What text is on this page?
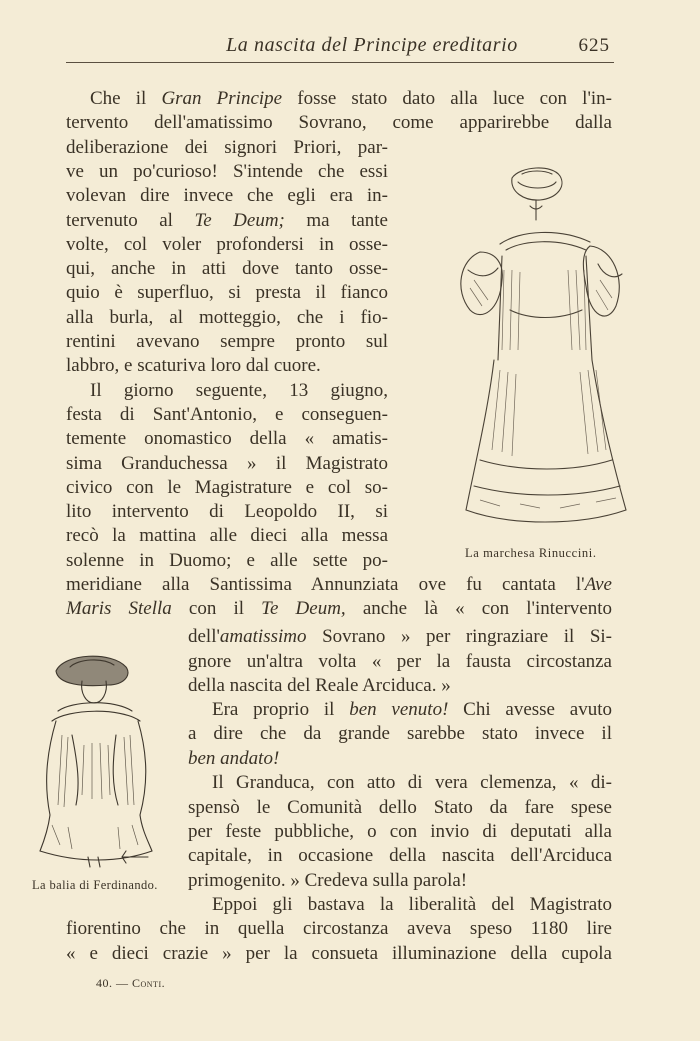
La nascita del Principe ereditario	625
Che il Gran Principe fosse stato dato alla luce con l'in-
tervento dell'amatissimo Sovrano, come apparirebbe dalla
deliberazione dei signori Priori, par-
ve un po'curioso! S'intende che essi
volevan dire invece che egli era in-
tervenuto al Te Deum; ma tante
volte, col voler profondersi in osse-
qui, anche in atti dove tanto osse-
quio è superfluo, si presta il fianco
alla burla, al motteggio, che i fio-
rentini avevano sempre pronto sul
labbro, e scaturiva loro dal cuore.
Il giorno seguente, 13 giugno,
festa di Sant'Antonio, e conseguen-
temente onomastico della « amatis-
sima Granduchessa » il Magistrato
civico con le Magistrature e col so-
lito intervento di Leopoldo II, si
recò la mattina alle dieci alla messa
solenne in Duomo; e alle sette po-
meridiane alla Santissima Annunziata ove fu cantata l'Ave
Maris Stella con il Te Deum, anche là « con l'intervento
dell'amatissimo Sovrano » per ringraziare il Si-
gnore un'altra volta « per la fausta circostanza
della nascita del Reale Arciduca. »
Era proprio il ben venuto! Chi avesse avuto
a dire che da grande sarebbe stato invece il
ben andato!
Il Granduca, con atto di vera clemenza, « di-
spensò le Comunità dello Stato da fare spese
per feste pubbliche, o con invio di deputati alla
capitale, in occasione della nascita dell'Arciduca
primogenito. » Credeva sulla parola!
Eppoi gli bastava la liberalità del Magistrato
fiorentino che in quella circostanza aveva speso 1180 lire
« e dieci crazie » per la consueta illuminazione della cupola
La marchesa Rinuccini.
La balia di Ferdinando.
40. — Conti.
